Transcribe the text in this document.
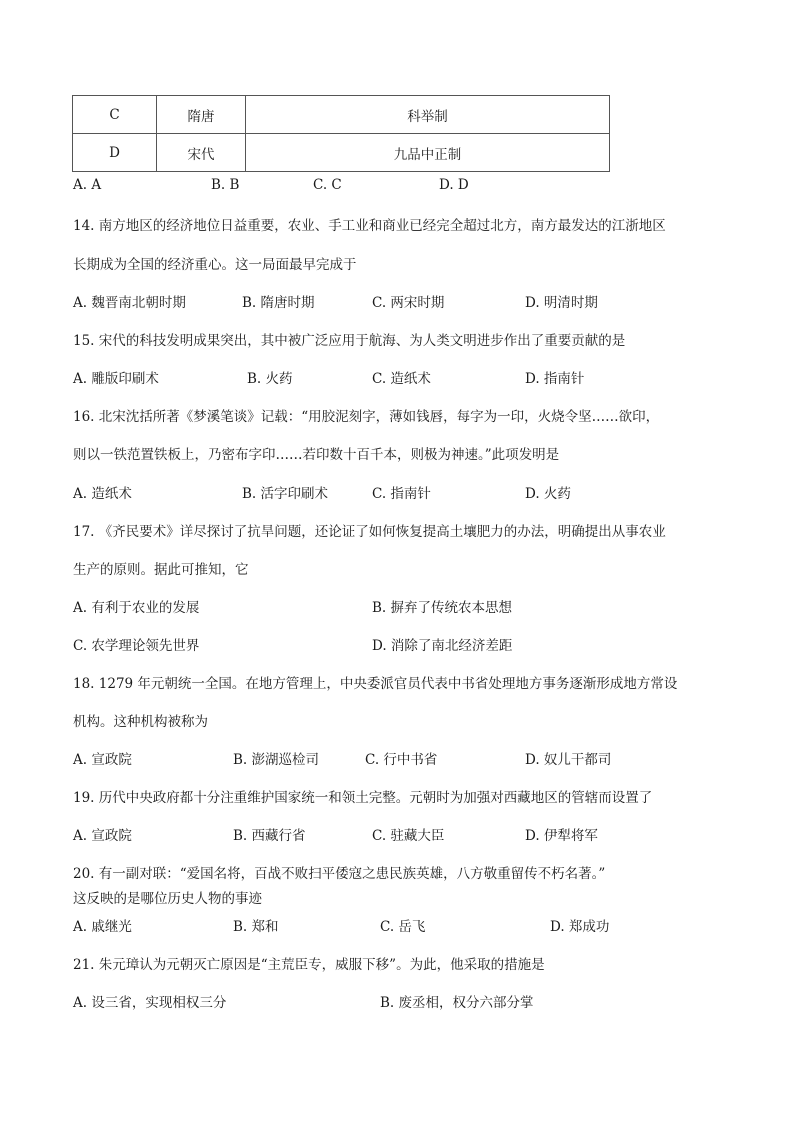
C	隋唐	科举制
D	宋代	九品中正制
A. A	B. B	C. C	D. D
14. 南方地区的经济地位日益重要，农业、手工业和商业已经完全超过北方，南方最发达的江浙地区
长期成为全国的经济重心。这一局面最早完成于
A. 魏晋南北朝时期	B. 隋唐时期	C. 两宋时期	D. 明清时期
15. 宋代的科技发明成果突出，其中被广泛应用于航海、为人类文明进步作出了重要贡献的是
A. 雕版印刷术	B. 火药	C. 造纸术	D. 指南针
16. 北宋沈括所著《梦溪笔谈》记载：“用胶泥刻字，薄如钱唇，每字为一印，火烧令坚……欲印，
则以一铁范置铁板上，乃密布字印……若印数十百千本，则极为神速。”此项发明是
A. 造纸术	B. 活字印刷术	C. 指南针	D. 火药
17. 《齐民要术》详尽探讨了抗旱问题，还论证了如何恢复提高土壤肥力的办法，明确提出从事农业
生产的原则。据此可推知，它
A. 有利于农业的发展	B. 摒弃了传统农本思想
C. 农学理论领先世界	D. 消除了南北经济差距
18. 1279 年元朝统一全国。在地方管理上，中央委派官员代表中书省处理地方事务逐渐形成地方常设
机构。这种机构被称为
A. 宣政院	B. 澎湖巡检司	C. 行中书省	D. 奴儿干都司
19. 历代中央政府都十分注重维护国家统一和领土完整。元朝时为加强对西藏地区的管辖而设置了
A. 宣政院	B. 西藏行省	C. 驻藏大臣	D. 伊犁将军
20. 有一副对联：“爱国名将，百战不败扫平倭寇之患民族英雄，八方敬重留传不朽名著。”
这反映的是哪位历史人物的事迹
A. 戚继光	B. 郑和	C. 岳飞	D. 郑成功
21. 朱元璋认为元朝灭亡原因是“主荒臣专，威服下移”。为此，他采取的措施是
A. 设三省，实现相权三分	B. 废丞相，权分六部分掌
